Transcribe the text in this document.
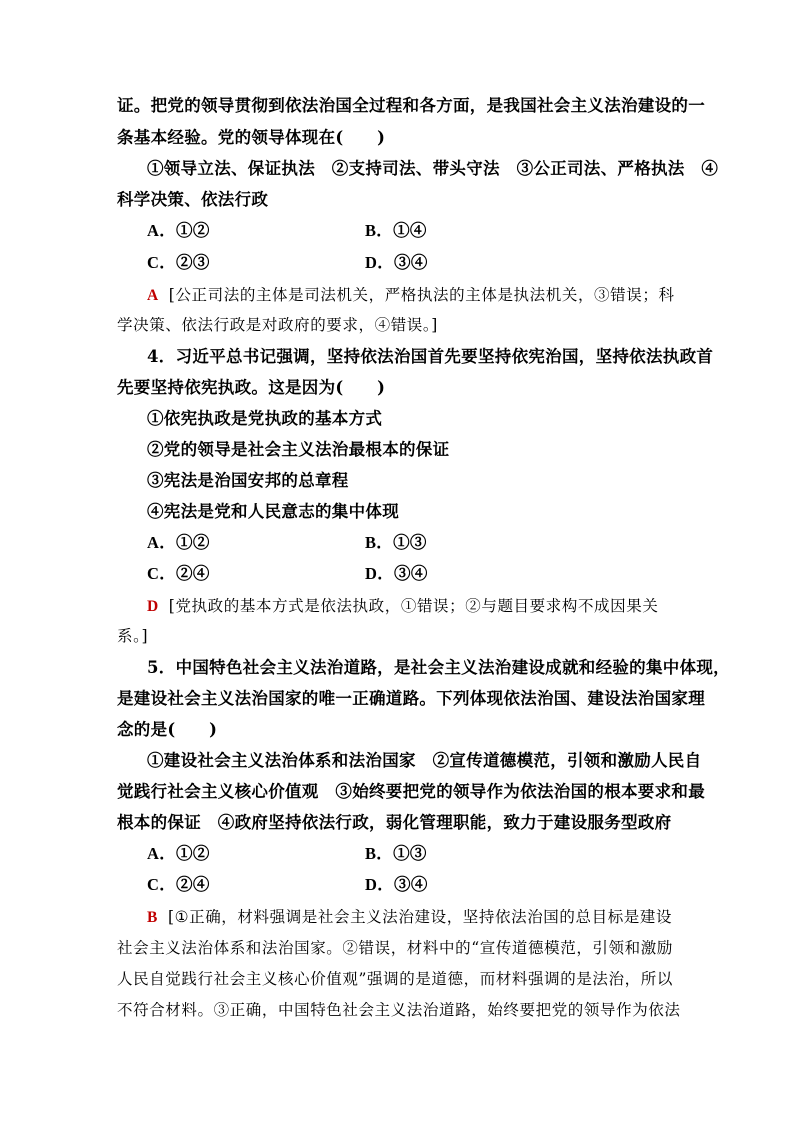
证。把党的领导贯彻到依法治国全过程和各方面，是我国社会主义法治建设的一
条基本经验。党的领导体现在(　　)
①领导立法、保证执法　②支持司法、带头守法　③公正司法、严格执法　④
科学决策、依法行政
A．①②	B．①④
C．②③	D．③④
A [公正司法的主体是司法机关，严格执法的主体是执法机关，③错误；科
学决策、依法行政是对政府的要求，④错误。]
4．习近平总书记强调，坚持依法治国首先要坚持依宪治国，坚持依法执政首
先要坚持依宪执政。这是因为(　　)
①依宪执政是党执政的基本方式
②党的领导是社会主义法治最根本的保证
③宪法是治国安邦的总章程
④宪法是党和人民意志的集中体现
A．①②	B．①③
C．②④	D．③④
D [党执政的基本方式是依法执政，①错误；②与题目要求构不成因果关
系。]
5．中国特色社会主义法治道路，是社会主义法治建设成就和经验的集中体现，
是建设社会主义法治国家的唯一正确道路。下列体现依法治国、建设法治国家理
念的是(　　)
①建设社会主义法治体系和法治国家　②宣传道德模范，引领和激励人民自
觉践行社会主义核心价值观　③始终要把党的领导作为依法治国的根本要求和最
根本的保证　④政府坚持依法行政，弱化管理职能，致力于建设服务型政府
A．①②	B．①③
C．②④	D．③④
B [①正确，材料强调是社会主义法治建设，坚持依法治国的总目标是建设
社会主义法治体系和法治国家。②错误，材料中的“宣传道德模范，引领和激励
人民自觉践行社会主义核心价值观”强调的是道德，而材料强调的是法治，所以
不符合材料。③正确，中国特色社会主义法治道路，始终要把党的领导作为依法
